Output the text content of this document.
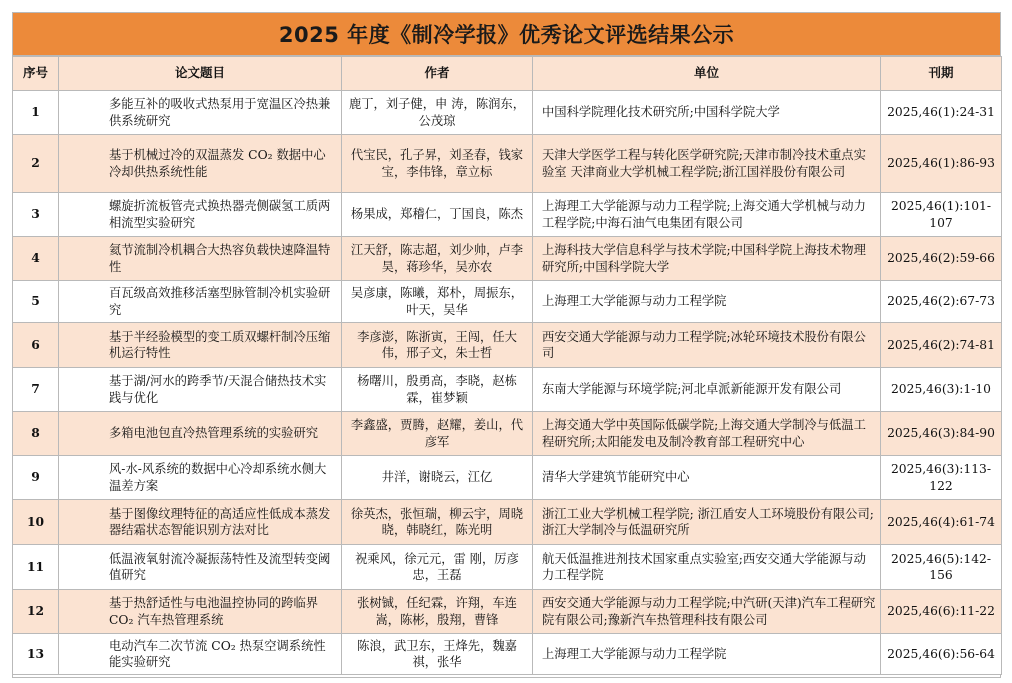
2025 年度《制冷学报》优秀论文评选结果公示
序号	论文题目	作者	单位	刊期
1	多能互补的吸收式热泵用于宽温区冷热兼供系统研究	鹿丁，刘子健，申 涛，陈润东，公茂琼	中国科学院理化技术研究所;中国科学院大学	2025,46(1):24-31
2	基于机械过冷的双温蒸发 CO₂ 数据中心冷却供热系统性能	代宝民，孔子昇，刘圣春，钱家宝，李伟锋，章立标	天津大学医学工程与转化医学研究院;天津市制冷技术重点实验室 天津商业大学机械工程学院;浙江国祥股份有限公司	2025,46(1):86-93
3	螺旋折流板管壳式换热器壳侧碳氢工质两相流型实验研究	杨果成，郑稽仁，丁国良，陈杰	上海理工大学能源与动力工程学院;上海交通大学机械与动力工程学院;中海石油气电集团有限公司	2025,46(1):101-107
4	氦节流制冷机耦合大热容负载快速降温特性	江天舒，陈志超，刘少帅，卢李昊，蒋珍华，吴亦农	上海科技大学信息科学与技术学院;中国科学院上海技术物理研究所;中国科学院大学	2025,46(2):59-66
5	百瓦级高效推移活塞型脉管制冷机实验研究	吴彦康，陈曦，郑朴，周振东，叶天，吴华	上海理工大学能源与动力工程学院	2025,46(2):67-73
6	基于半经验模型的变工质双螺杆制冷压缩机运行特性	李彦澎，陈浙寅，王闯，任大伟，邢子文，朱士哲	西安交通大学能源与动力工程学院;冰轮环境技术股份有限公司	2025,46(2):74-81
7	基于湖/河水的跨季节/天混合储热技术实践与优化	杨曙川，殷勇高，李晓，赵栋霖，崔梦颖	东南大学能源与环境学院;河北卓派新能源开发有限公司	2025,46(3):1-10
8	多箱电池包直冷热管理系统的实验研究	李鑫盛，贾腾，赵耀，姜山，代彦军	上海交通大学中英国际低碳学院;上海交通大学制冷与低温工程研究所;太阳能发电及制冷教育部工程研究中心	2025,46(3):84-90
9	风-水-风系统的数据中心冷却系统水侧大温差方案	井洋，谢晓云，江亿	清华大学建筑节能研究中心	2025,46(3):113-122
10	基于图像纹理特征的高适应性低成本蒸发器结霜状态智能识别方法对比	徐英杰，张恒瑞，柳云宇，周晓晓，韩晓红，陈光明	浙江工业大学机械工程学院; 浙江盾安人工环境股份有限公司;浙江大学制冷与低温研究所	2025,46(4):61-74
11	低温液氧射流冷凝振荡特性及流型转变阈值研究	祝乘风，徐元元，雷 刚，厉彦忠，王磊	航天低温推进剂技术国家重点实验室;西安交通大学能源与动力工程学院	2025,46(5):142-156
12	基于热舒适性与电池温控协同的跨临界 CO₂ 汽车热管理系统	张树铖，任纪霖，许翔，车连嵩，陈彬，殷翔，曹锋	西安交通大学能源与动力工程学院;中汽研(天津)汽车工程研究院有限公司;豫新汽车热管理科技有限公司	2025,46(6):11-22
13	电动汽车二次节流 CO₂ 热泵空调系统性能实验研究	陈浪，武卫东，王烽先，魏嘉祺，张华	上海理工大学能源与动力工程学院	2025,46(6):56-64
